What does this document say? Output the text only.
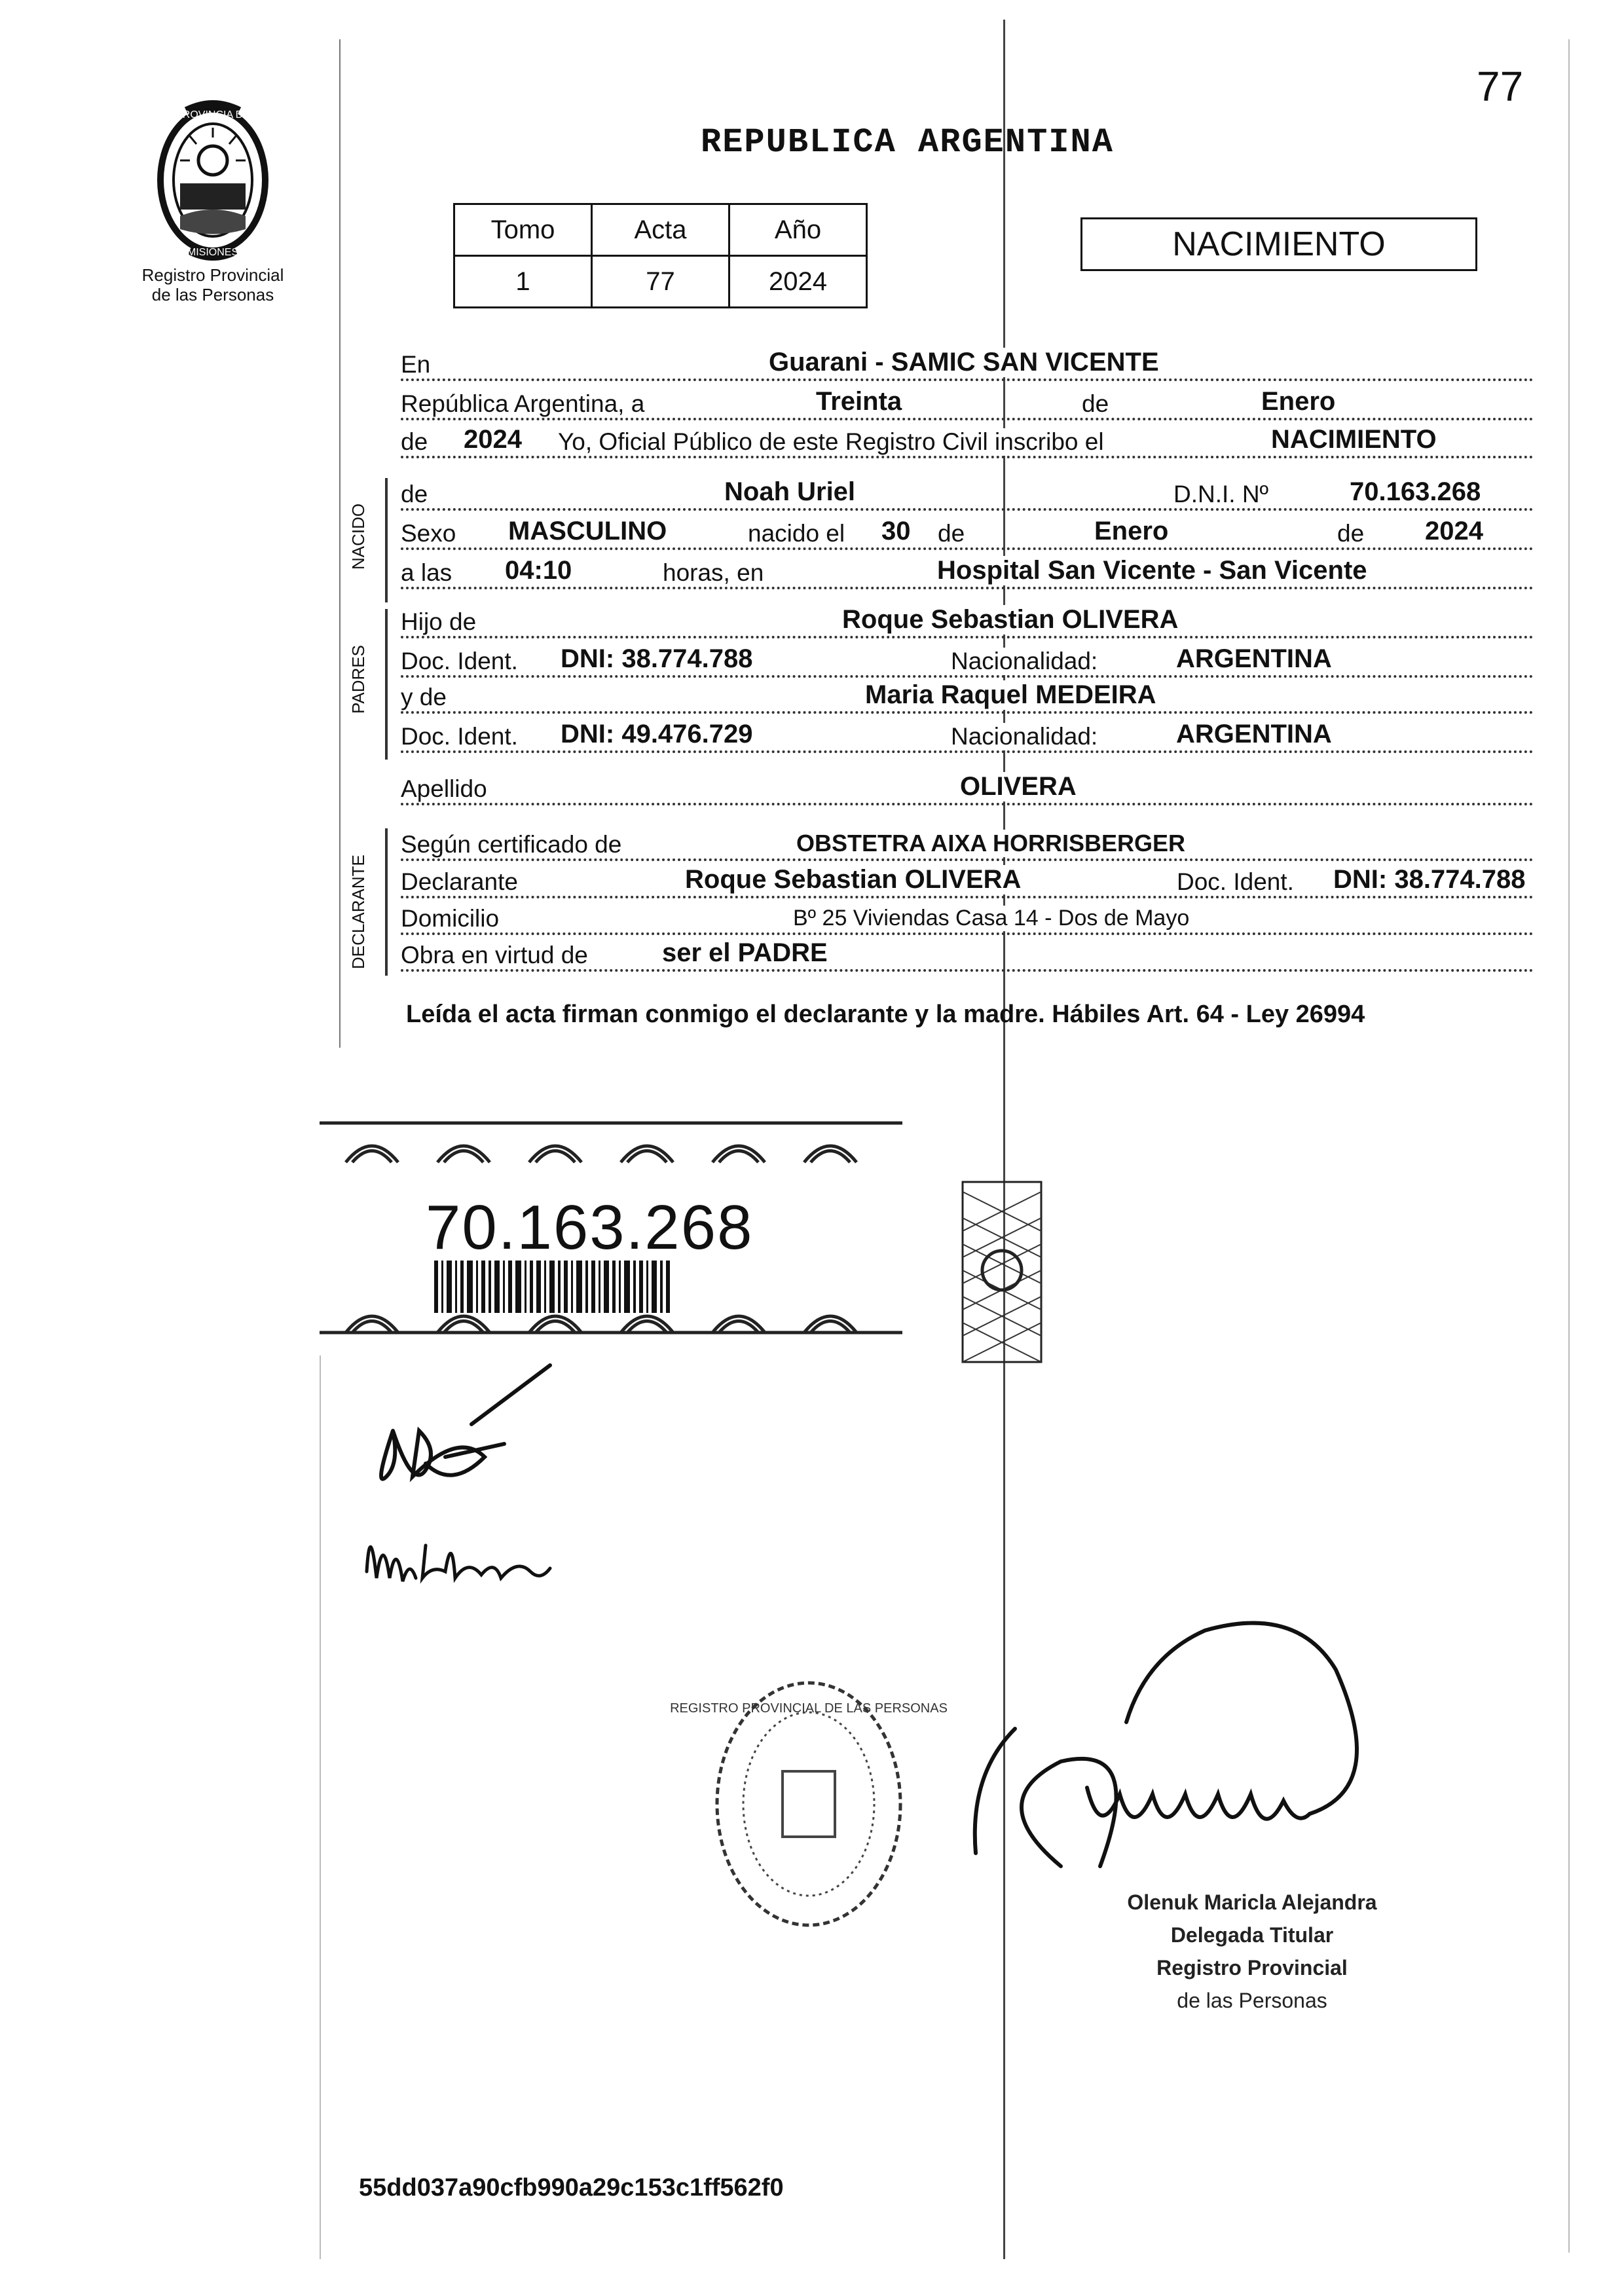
77
PROVINCIA DE
MISIONES
Registro Provincial
de las Personas
REPUBLICA ARGENTINA
Tomo	Acta	Año
1	77	2024
NACIMIENTO
NACIDO
PADRES
DECLARANTE
En	Guarani - SAMIC SAN VICENTE
República Argentina, a	Treinta	de	Enero
de 2024 Yo, Oficial Público de este Registro Civil inscribo el	NACIMIENTO
de	Noah Uriel	D.N.I. Nº	70.163.268
Sexo MASCULINO	nacido el 30 de	Enero	de 2024
a las 04:10	horas, en	Hospital San Vicente - San Vicente
Hijo de	Roque Sebastian OLIVERA
Doc. Ident. DNI: 38.774.788	Nacionalidad:	ARGENTINA
y de	Maria Raquel MEDEIRA
Doc. Ident. DNI: 49.476.729	Nacionalidad:	ARGENTINA
Apellido	OLIVERA
Según certificado de	OBSTETRA AIXA HORRISBERGER
Declarante	Roque Sebastian OLIVERA	Doc. Ident. DNI: 38.774.788
Domicilio	Bº 25 Viviendas Casa 14 - Dos de Mayo
Obra en virtud de	ser el PADRE
Leída el acta firman conmigo el declarante y la madre. Hábiles Art. 64 - Ley 26994
70.163.268
REGISTRO PROVINCIAL DE LAS PERSONAS
Olenuk Maricla Alejandra
Delegada Titular
Registro Provincial
de las Personas
55dd037a90cfb990a29c153c1ff562f0
